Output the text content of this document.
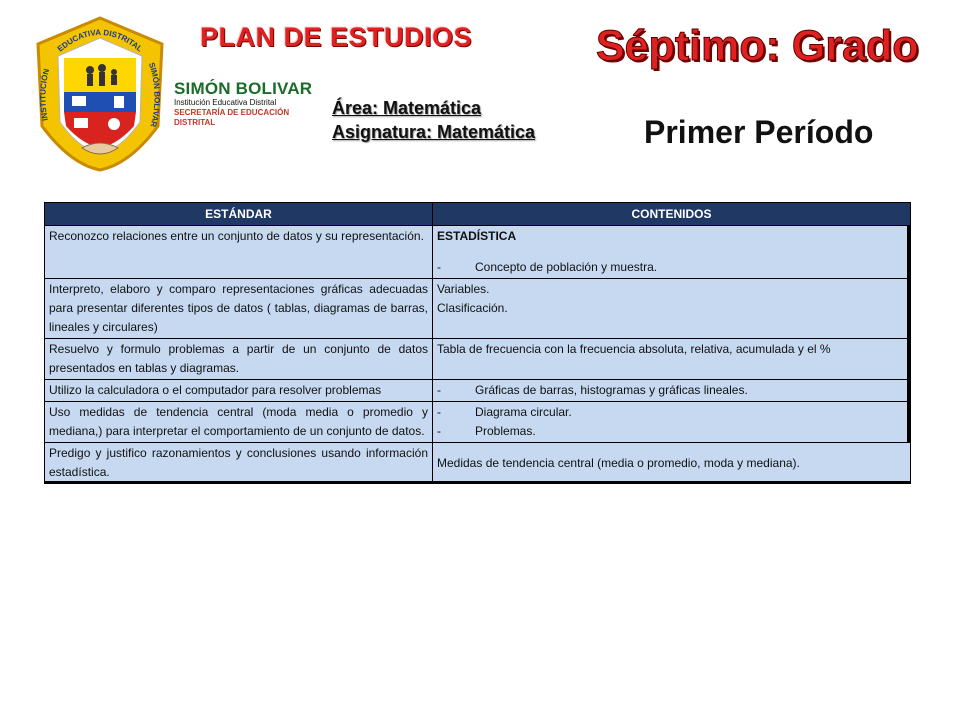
EDUCATIVA DISTRITAL
INSTITUCIÓN
SIMÓN BOLIVAR
SIMÓN BOLIVAR
Institución Educativa Distrital
SECRETARÍA DE EDUCACIÓN DISTRITAL
PLAN DE ESTUDIOS	Séptimo: Grado
Área: Matemática
Asignatura: Matemática	Primer Período
ESTÁNDAR	CONTENIDOS
Reconozco relaciones entre un conjunto de datos y su representación.	ESTADÍSTICA
- Concepto de población y muestra.

Interpreto, elaboro y comparo representaciones gráficas adecuadas para presentar diferentes tipos de datos ( tablas, diagramas de barras, lineales y circulares)	Variables.
Clasificación.

Resuelvo y formulo problemas a partir de un conjunto de datos presentados en tablas y diagramas.	Tabla de frecuencia con la frecuencia absoluta, relativa, acumulada y el %
Utilizo la calculadora o el computador para resolver problemas	- Gráficas de barras, histogramas y gráficas lineales.

Uso medidas de tendencia central (moda media o promedio y mediana,) para interpretar el comportamiento de un conjunto de datos.	- Diagrama circular.
- Problemas.

Predigo y justifico razonamientos y conclusiones usando información estadística.	Medidas de tendencia central (media o promedio, moda y mediana).
